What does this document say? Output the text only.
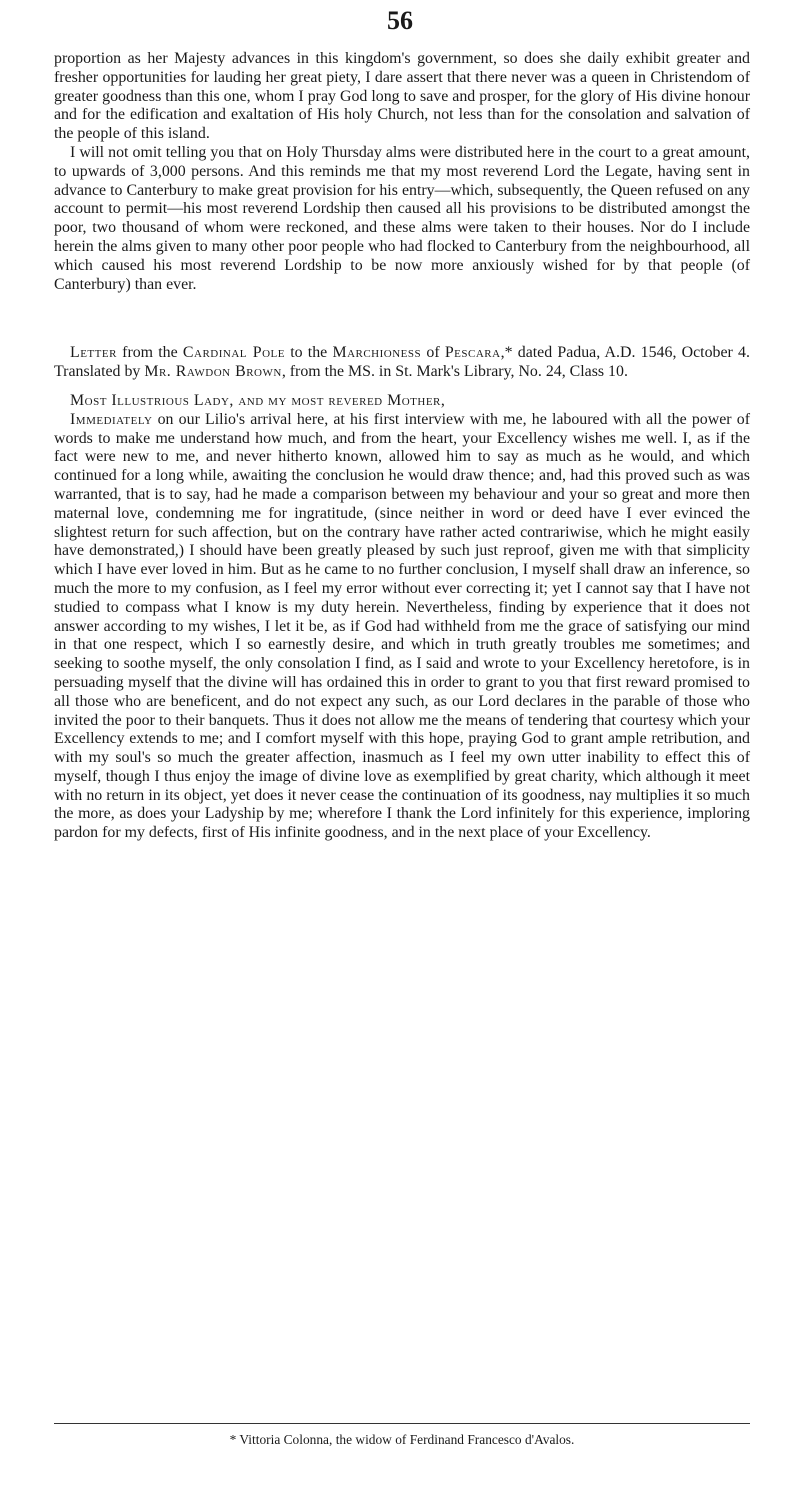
56

proportion as her Majesty advances in this kingdom's government, so does she daily exhibit greater and fresher opportunities for lauding her great piety, I dare assert that there never was a queen in Christendom of greater goodness than this one, whom I pray God long to save and prosper, for the glory of His divine honour and for the edification and exaltation of His holy Church, not less than for the consolation and salvation of the people of this island.

I will not omit telling you that on Holy Thursday alms were distributed here in the court to a great amount, to upwards of 3,000 persons. And this reminds me that my most reverend Lord the Legate, having sent in advance to Canterbury to make great provision for his entry—which, subsequently, the Queen refused on any account to permit—his most reverend Lordship then caused all his provisions to be distributed amongst the poor, two thousand of whom were reckoned, and these alms were taken to their houses. Nor do I include herein the alms given to many other poor people who had flocked to Canterbury from the neighbourhood, all which caused his most reverend Lordship to be now more anxiously wished for by that people (of Canterbury) than ever.

Letter from the Cardinal Pole to the Marchioness of Pescara,* dated Padua, A.D. 1546, October 4. Translated by Mr. Rawdon Brown, from the MS. in St. Mark's Library, No. 24, Class 10.

Most Illustrious Lady, and my most revered Mother,

Immediately on our Lilio's arrival here, at his first interview with me, he laboured with all the power of words to make me understand how much, and from the heart, your Excellency wishes me well. I, as if the fact were new to me, and never hitherto known, allowed him to say as much as he would, and which continued for a long while, awaiting the conclusion he would draw thence; and, had this proved such as was warranted, that is to say, had he made a comparison between my behaviour and your so great and more then maternal love, condemning me for ingratitude, (since neither in word or deed have I ever evinced the slightest return for such affection, but on the contrary have rather acted contrariwise, which he might easily have demonstrated,) I should have been greatly pleased by such just reproof, given me with that simplicity which I have ever loved in him. But as he came to no further conclusion, I myself shall draw an inference, so much the more to my confusion, as I feel my error without ever correcting it; yet I cannot say that I have not studied to compass what I know is my duty herein. Nevertheless, finding by experience that it does not answer according to my wishes, I let it be, as if God had withheld from me the grace of satisfying our mind in that one respect, which I so earnestly desire, and which in truth greatly troubles me sometimes; and seeking to soothe myself, the only consolation I find, as I said and wrote to your Excellency heretofore, is in persuading myself that the divine will has ordained this in order to grant to you that first reward promised to all those who are beneficent, and do not expect any such, as our Lord declares in the parable of those who invited the poor to their banquets. Thus it does not allow me the means of tendering that courtesy which your Excellency extends to me; and I comfort myself with this hope, praying God to grant ample retribution, and with my soul's so much the greater affection, inasmuch as I feel my own utter inability to effect this of myself, though I thus enjoy the image of divine love as exemplified by great charity, which although it meet with no return in its object, yet does it never cease the continuation of its goodness, nay multiplies it so much the more, as does your Ladyship by me; wherefore I thank the Lord infinitely for this experience, imploring pardon for my defects, first of His infinite goodness, and in the next place of your Excellency.

* Vittoria Colonna, the widow of Ferdinand Francesco d'Avalos.
